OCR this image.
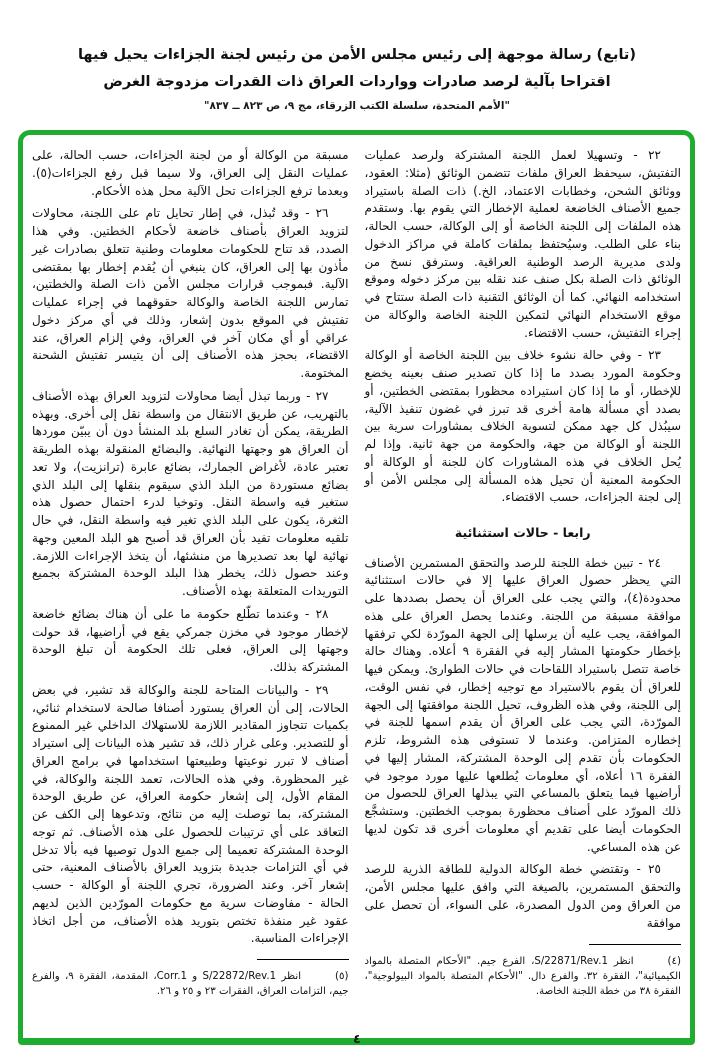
(تابع) رسالة موجهة إلى رئيس مجلس الأمن من رئيس لجنة الجزاءات يحيل فيها
اقتراحا بآلية لرصد صادرات وواردات العراق ذات القدرات مزدوجة الغرض
"الأمم المتحدة، سلسلة الكتب الزرقاء، مج ٩، ص ٨٢٣ ــ ٨٣٧"

٢٢ - وتسهيلا لعمل اللجنة المشتركة ولرصد عمليات التفتيش، سيحفظ العراق ملفات تتضمن الوثائق (مثلا: العقود، ووثائق الشحن، وخطابات الاعتماد، الخ.) ذات الصلة باستيراد جميع الأصناف الخاضعة لعملية الإخطار التي يقوم بها. وستقدم هذه الملفات إلى اللجنة الخاصة أو إلى الوكالة، حسب الحالة، بناء على الطلب. وسيُحتفظ بملفات كاملة في مراكز الدخول ولدى مديرية الرصد الوطنية العراقية. وسترفق نسخ من الوثائق ذات الصلة بكل صنف عند نقله بين مركز دخوله وموقع استخدامه النهائي. كما أن الوثائق التقنية ذات الصلة ستتاح في موقع الاستخدام النهائي لتمكين اللجنة الخاصة والوكالة من إجراء التفتيش، حسب الاقتضاء.

٢٣ - وفي حالة نشوء خلاف بين اللجنة الخاصة أو الوكالة وحكومة المورد بصدد ما إذا كان تصدير صنف بعينه يخضع للإخطار، أو ما إذا كان استيراده محظورا بمقتضى الخطتين، أو بصدد أي مسألة هامة أخرى قد تبرز في غضون تنفيذ الآلية، سيبُذل كل جهد ممكن لتسوية الخلاف بمشاورات سرية بين اللجنة أو الوكالة من جهة، والحكومة من جهة ثانية. وإذا لم يُحل الخلاف في هذه المشاورات كان للجنة أو الوكالة أو الحكومة المعنية أن تحيل هذه المسألة إلى مجلس الأمن أو إلى لجنة الجزاءات، حسب الاقتضاء.

رابعا - حالات استثنائية

٢٤ - تبين خطة اللجنة للرصد والتحقق المستمرين الأصناف التي يحظر حصول العراق عليها إلا في حالات استثنائية محدودة(٤)، والتي يجب على العراق أن يحصل بصددها على موافقة مسبقة من اللجنة. وعندما يحصل العراق على هذه الموافقة، يجب عليه أن يرسلها إلى الجهة المورّدة لكي ترفقها بإخطار حكومتها المشار إليه في الفقرة ٩ أعلاه. وهناك حالة خاصة تتصل باستيراد اللقاحات في حالات الطوارئ. ويمكن فيها للعراق أن يقوم بالاستيراد مع توجيه إخطار، في نفس الوقت، إلى اللجنة، وفي هذه الظروف، تحيل اللجنة موافقتها إلى الجهة المورّدة، التي يجب على العراق أن يقدم اسمها للجنة في إخطاره المتزامن. وعندما لا تستوفى هذه الشروط، تلزم الحكومات بأن تقدم إلى الوحدة المشتركة، المشار إليها في الفقرة ١٦ أعلاه، أي معلومات يُطلعها عليها مورد موجود في أراضيها فيما يتعلق بالمساعي التي يبذلها العراق للحصول من ذلك المورّد على أصناف محظورة بموجب الخطتين. وستشجَّع الحكومات أيضا على تقديم أي معلومات أخرى قد تكون لديها عن هذه المساعي.

٢٥ - وتقتضي خطة الوكالة الدولية للطاقة الذرية للرصد والتحقق المستمرين، بالصيغة التي وافق عليها مجلس الأمن، من العراق ومن الدول المصدرة، على السواء، أن تحصل على موافقة

(٤)انظر S/22871/Rev.1، الفرع جيم. "الأحكام المتصلة بالمواد الكيميائية"، الفقرة ٣٢. والفرع دال. "الأحكام المتصلة بالمواد البيولوجية"، الفقرة ٣٨ من خطة اللجنة الخاصة.

مسبقة من الوكالة أو من لجنة الجزاءات، حسب الحالة، على عمليات النقل إلى العراق، ولا سيما قبل رفع الجزاءات(٥). وبعدما ترفع الجزاءات تحل الآلية محل هذه الأحكام.

٢٦ - وقد تُبذل، في إطار تحايل تام على اللجنة، محاولات لتزويد العراق بأصناف خاضعة لأحكام الخطتين. وفي هذا الصدد، قد تتاح للحكومات معلومات وطنية تتعلق بصادرات غير مأذون بها إلى العراق، كان ينبغي أن يُقدم إخطار بها بمقتضى الآلية. فبموجب قرارات مجلس الأمن ذات الصلة والخطتين، تمارس اللجنة الخاصة والوكالة حقوقهما في إجراء عمليات تفتيش في الموقع بدون إشعار، وذلك في أي مركز دخول عراقي أو أي مكان آخر في العراق، وفي إلزام العراق، عند الاقتضاء، بحجز هذه الأصناف إلى أن يتيسر تفتيش الشحنة المختومة.

٢٧ - وربما تبذل أيضا محاولات لتزويد العراق بهذه الأصناف بالتهريب، عن طريق الانتقال من واسطة نقل إلى أخرى. وبهذه الطريقة، يمكن أن تغادر السلع بلد المنشأ دون أن يبيّن موردها أن العراق هو وجهتها النهائية. والبضائع المنقولة بهذه الطريقة تعتبر عادة، لأغراض الجمارك، بضائع عابرة (ترانزيت)، ولا تعد بضائع مستوردة من البلد الذي سيقوم بنقلها إلى البلد الذي ستغير فيه واسطة النقل. وتوخيا لدرء احتمال حصول هذه الثغرة، يكون على البلد الذي تغير فيه واسطة النقل، في حال تلقيه معلومات تفيد بأن العراق قد أصبح هو البلد المعين وجهة نهائية لها بعد تصديرها من منشئها، أن يتخذ الإجراءات اللازمة. وعند حصول ذلك، يخطر هذا البلد الوحدة المشتركة بجميع التوريدات المتعلقة بهذه الأصناف.

٢٨ - وعندما تطّلع حكومة ما على أن هناك بضائع خاضعة لإخطار موجود في مخزن جمركي يقع في أراضيها، قد حولت وجهتها إلى العراق، فعلى تلك الحكومة أن تبلغ الوحدة المشتركة بذلك.

٢٩ - والبيانات المتاحة للجنة والوكالة قد تشير، في بعض الحالات، إلى أن العراق يستورد أصنافا صالحة لاستخدام ثنائي، بكميات تتجاوز المقادير اللازمة للاستهلاك الداخلي غير الممنوع أو للتصدير. وعلى غرار ذلك، قد تشير هذه البيانات إلى استيراد أصناف لا تبرر نوعيتها وطبيعتها استخدامها في برامج العراق غير المحظورة. وفي هذه الحالات، تعمد اللجنة والوكالة، في المقام الأول، إلى إشعار حكومة العراق، عن طريق الوحدة المشتركة، بما توصلت إليه من نتائج، وتدعوها إلى الكف عن التعاقد على أي ترتيبات للحصول على هذه الأصناف. ثم توجه الوحدة المشتركة تعميما إلى جميع الدول توصيها فيه بألا تدخل في أي التزامات جديدة بتزويد العراق بالأصناف المعنية، حتى إشعار آخر. وعند الضرورة، تجري اللجنة أو الوكالة - حسب الحالة - مفاوضات سرية مع حكومات المورّدين الذين لديهم عقود غير منفذة تختص بتوريد هذه الأصناف، من أجل اتخاذ الإجراءات المناسبة.

(٥)انظر S/22872/Rev.1 و Corr.1، المقدمة، الفقرة ٩، والفرع جيم، التزامات العراق، الفقرات ٢٣ و ٢٥ و ٢٦.

٤
